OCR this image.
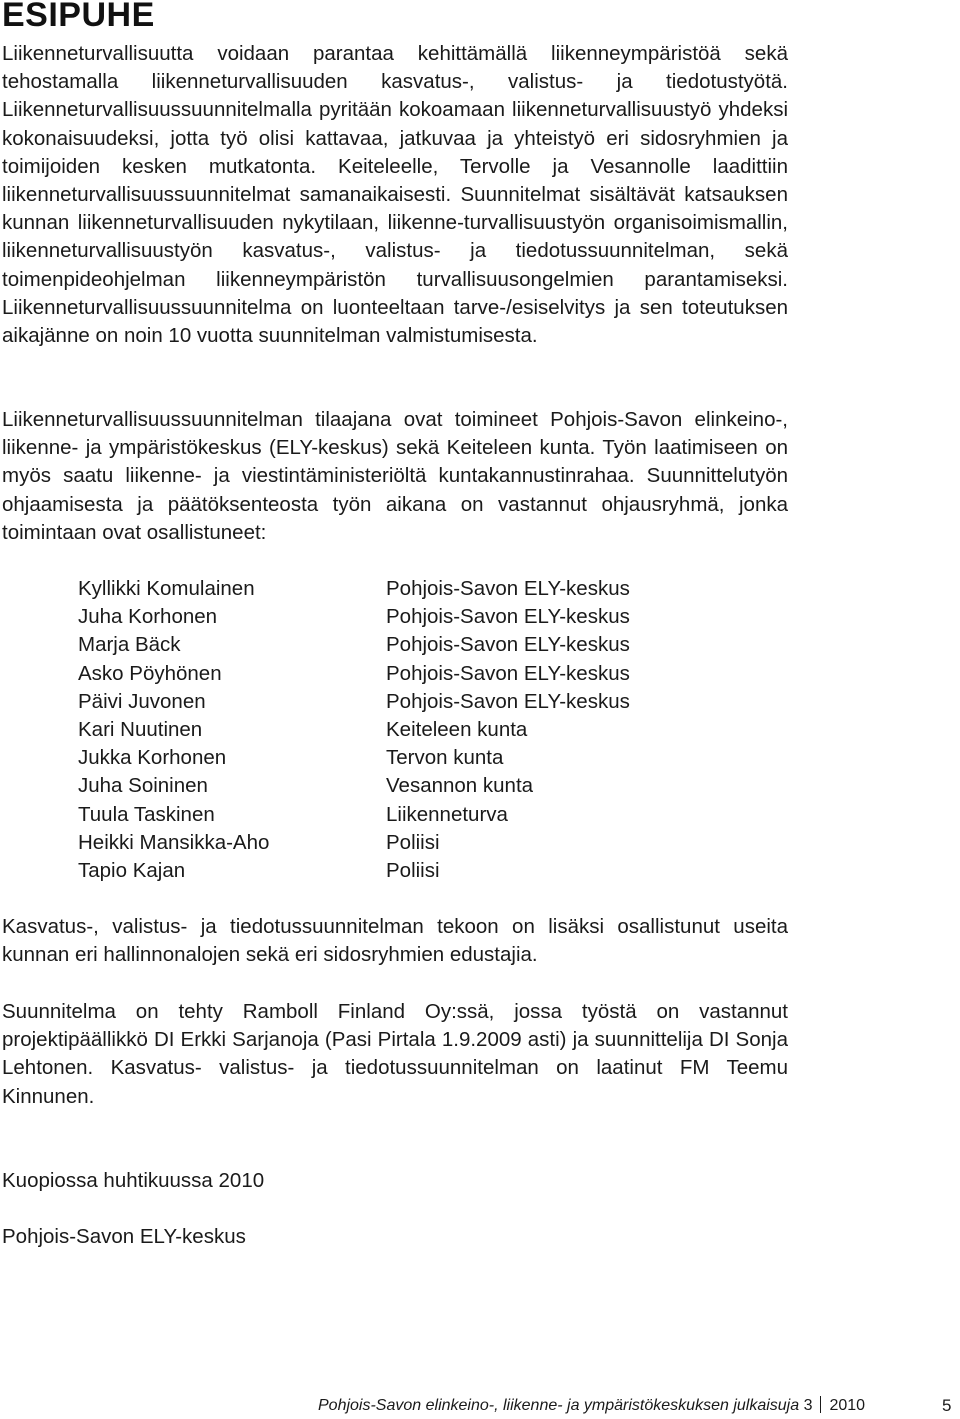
ESIPUHE

Liikenneturvallisuutta voidaan parantaa kehittämällä liikenneympäristöä sekä tehostamalla liikenneturvallisuuden kasvatus-, valistus- ja tiedotustyötä. Liikenneturvallisuussuunnitelmalla pyritään kokoamaan liikenneturvallisuustyö yhdeksi kokonaisuudeksi, jotta työ olisi kattavaa, jatkuvaa ja yhteistyö eri sidosryhmien ja toimijoiden kesken mutkatonta. Keiteleelle, Tervolle ja Vesannolle laadittiin liikenneturvallisuussuunnitelmat samanaikaisesti. Suunnitelmat sisältävät katsauksen kunnan liikenneturvallisuuden nykytilaan, liikenne-turvallisuustyön organisoimismallin, liikenneturvallisuustyön kasvatus-, valistus- ja tiedotussuunnitelman, sekä toimenpideohjelman liikenneympäristön turvallisuusongelmien parantamiseksi. Liikenneturvallisuussuunnitelma on luonteeltaan tarve-/esiselvitys ja sen toteutuksen aikajänne on noin 10 vuotta suunnitelman valmistumisesta.

Liikenneturvallisuussuunnitelman tilaajana ovat toimineet Pohjois-Savon elinkeino-, liikenne- ja ympäristökeskus (ELY-keskus) sekä Keiteleen kunta. Työn laatimiseen on myös saatu liikenne- ja viestintäministeriöltä kuntakannustinrahaa. Suunnittelutyön ohjaamisesta ja päätöksenteosta työn aikana on vastannut ohjausryhmä, jonka toimintaan ovat osallistuneet:

Kyllikki Komulainen	Pohjois-Savon ELY-keskus
Juha Korhonen	Pohjois-Savon ELY-keskus
Marja Bäck	Pohjois-Savon ELY-keskus
Asko Pöyhönen	Pohjois-Savon ELY-keskus
Päivi Juvonen	Pohjois-Savon ELY-keskus
Kari Nuutinen	Keiteleen kunta
Jukka Korhonen	Tervon kunta
Juha Soininen	Vesannon kunta
Tuula Taskinen	Liikenneturva
Heikki Mansikka-Aho	Poliisi
Tapio Kajan	Poliisi

Kasvatus-, valistus- ja tiedotussuunnitelman tekoon on lisäksi osallistunut useita kunnan eri hallinnonalojen sekä eri sidosryhmien edustajia.

Suunnitelma on tehty Ramboll Finland Oy:ssä, jossa työstä on vastannut projektipäällikkö DI Erkki Sarjanoja (Pasi Pirtala 1.9.2009 asti) ja suunnittelija DI Sonja Lehtonen. Kasvatus- valistus- ja tiedotussuunnitelman on laatinut FM Teemu Kinnunen.

Kuopiossa huhtikuussa 2010

Pohjois-Savon ELY-keskus

Pohjois-Savon elinkeino-, liikenne- ja ympäristökeskuksen julkaisuja 3 2010	5
